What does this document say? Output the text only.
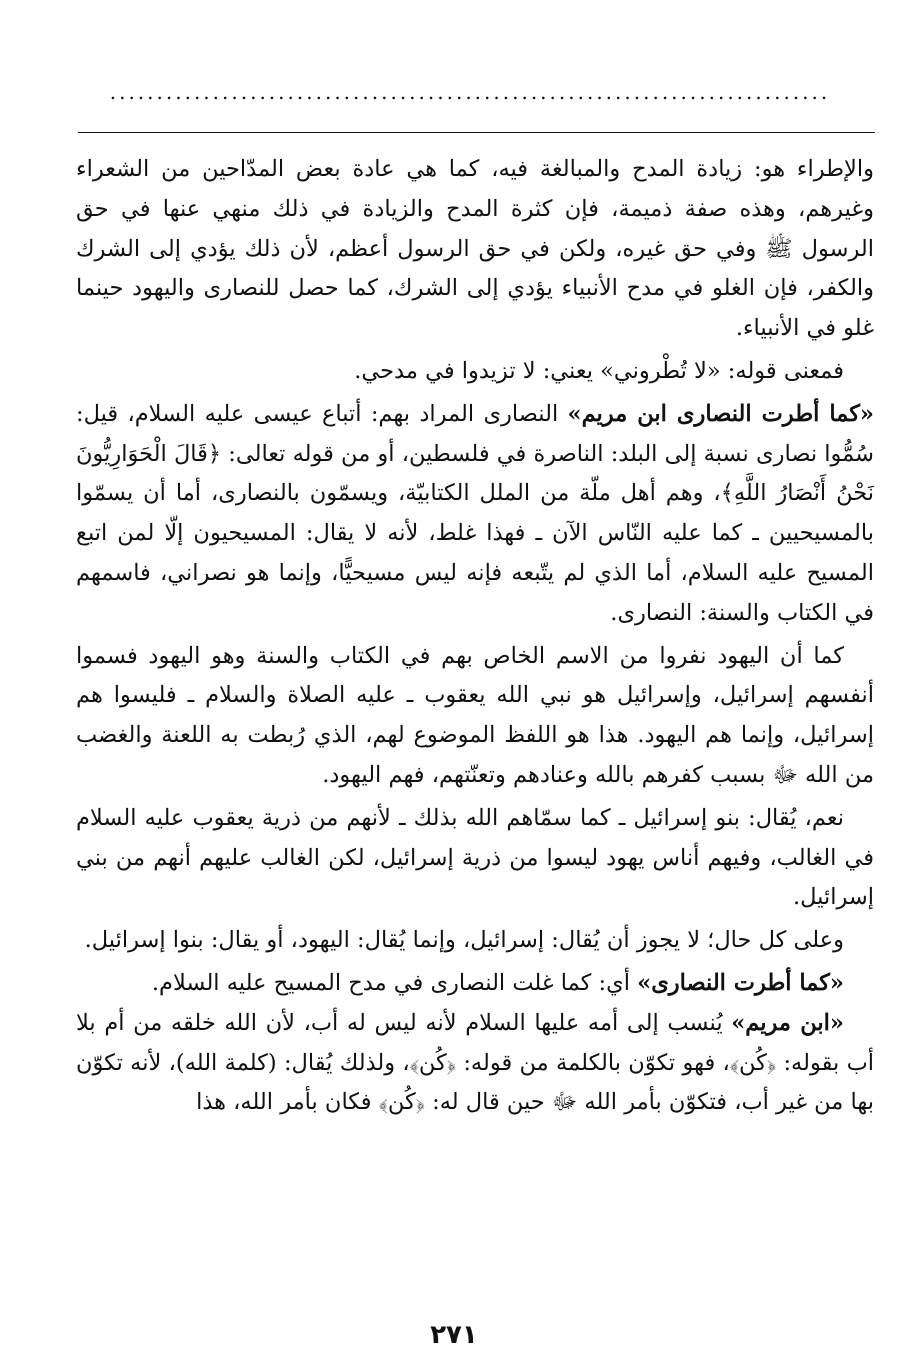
.............................................................................

والإطراء هو: زيادة المدح والمبالغة فيه، كما هي عادة بعض المدّاحين من الشعراء وغيرهم، وهذه صفة ذميمة، فإن كثرة المدح والزيادة في ذلك منهي عنها في حق الرسول ﷺ وفي حق غيره، ولكن في حق الرسول أعظم، لأن ذلك يؤدي إلى الشرك والكفر، فإن الغلو في مدح الأنبياء يؤدي إلى الشرك، كما حصل للنصارى واليهود حينما غلو في الأنبياء.

فمعنى قوله: «لا تُطْروني» يعني: لا تزيدوا في مدحي.

«كما أطرت النصارى ابن مريم» النصارى المراد بهم: أتباع عيسى عليه السلام، قيل: سُمُّوا نصارى نسبة إلى البلد: الناصرة في فلسطين، أو من قوله تعالى: ﴿قَالَ الْحَوَارِيُّونَ نَحْنُ أَنْصَارُ اللَّهِ﴾، وهم أهل ملّة من الملل الكتابيّة، ويسمّون بالنصارى، أما أن يسمّوا بالمسيحيين ـ كما عليه النّاس الآن ـ فهذا غلط، لأنه لا يقال: المسيحيون إلّا لمن اتبع المسيح عليه السلام، أما الذي لم يتّبعه فإنه ليس مسيحيًّا، وإنما هو نصراني، فاسمهم في الكتاب والسنة: النصارى.

كما أن اليهود نفروا من الاسم الخاص بهم في الكتاب والسنة وهو اليهود فسموا أنفسهم إسرائيل، وإسرائيل هو نبي الله يعقوب ـ عليه الصلاة والسلام ـ فليسوا هم إسرائيل، وإنما هم اليهود. هذا هو اللفظ الموضوع لهم، الذي رُبطت به اللعنة والغضب من الله ﷻ بسبب كفرهم بالله وعنادهم وتعنّتهم، فهم اليهود.

نعم، يُقال: بنو إسرائيل ـ كما سمّاهم الله بذلك ـ لأنهم من ذرية يعقوب عليه السلام في الغالب، وفيهم أناس يهود ليسوا من ذرية إسرائيل، لكن الغالب عليهم أنهم من بني إسرائيل.

وعلى كل حال؛ لا يجوز أن يُقال: إسرائيل، وإنما يُقال: اليهود، أو يقال: بنوا إسرائيل.

«كما أطرت النصارى» أي: كما غلت النصارى في مدح المسيح عليه السلام.

«ابن مريم» يُنسب إلى أمه عليها السلام لأنه ليس له أب، لأن الله خلقه من أم بلا أب بقوله: ﴿كُن﴾، فهو تكوّن بالكلمة من قوله: ﴿كُن﴾، ولذلك يُقال: (كلمة الله)، لأنه تكوّن بها من غير أب، فتكوّن بأمر الله ﷻ حين قال له: ﴿كُن﴾ فكان بأمر الله، هذا

٢٧١
